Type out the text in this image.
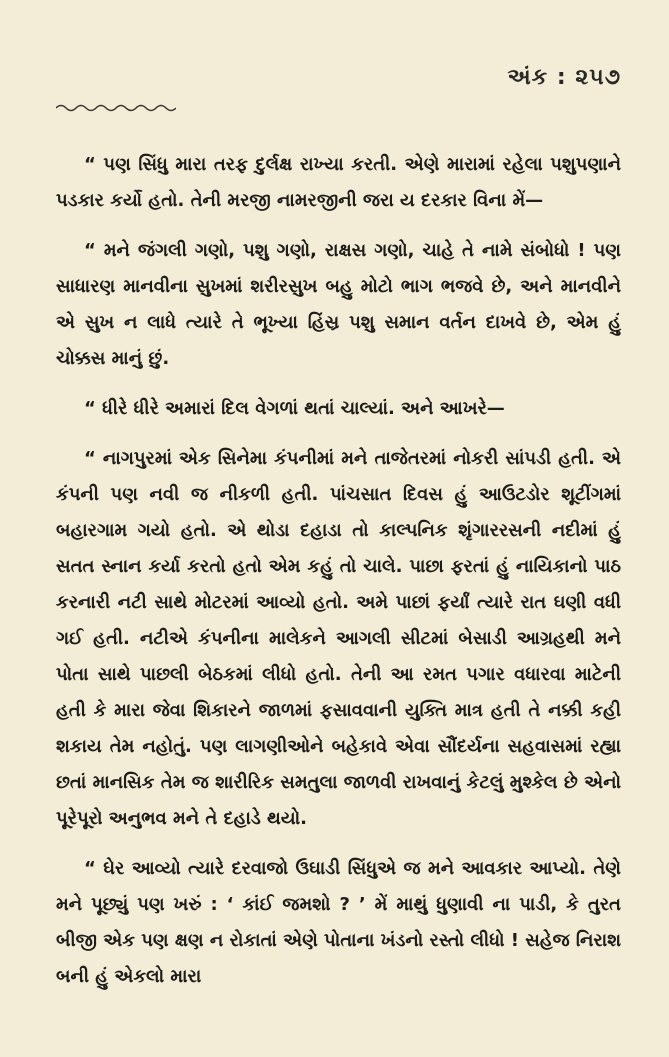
અંક : ૨૫૭

“ પણ સિંધુ મારા તરફ દુર્લક્ષ રાખ્યા કરતી. એણે મારામાં રહેલા પશુપણાને પડકાર કર્યો હતો. તેની મરજી નામરજીની જરા ય દરકાર વિના મેં—

“ મને જંગલી ગણો, પશુ ગણો, રાક્ષસ ગણો, ચાહે તે નામે સંબોધો ! પણ સાધારણ માનવીના સુખમાં શરીરસુખ બહુ મોટો ભાગ ભજવે છે, અને માનવીને એ સુખ ન લાધે ત્યારે તે ભૂખ્યા હિંસ્ર પશુ સમાન વર્તન દાખવે છે, એમ હું ચોક્કસ માનું છું.

“ ધીરે ધીરે અમારાં દિલ વેગળાં થતાં ચાલ્યાં. અને આખરે—

“ નાગપુરમાં એક સિનેમા કંપનીમાં મને તાજેતરમાં નોકરી સાંપડી હતી. એ કંપની પણ નવી જ નીકળી હતી. પાંચસાત દિવસ હું આઉટડોર શૂટીંગમાં બહારગામ ગયો હતો. એ થોડા દહાડા તો કાલ્પનિક શૃંગારરસની નદીમાં હું સતત સ્નાન કર્યા કરતો હતો એમ કહું તો ચાલે. પાછા ફરતાં હું નાયિકાનો પાઠ કરનારી નટી સાથે મોટરમાં આવ્યો હતો. અમે પાછાં ફર્યાં ત્યારે રાત ઘણી વધી ગઈ હતી. નટીએ કંપનીના માલેકને આગલી સીટમાં બેસાડી આગ્રહથી મને પોતા સાથે પાછલી બેઠકમાં લીધો હતો. તેની આ રમત પગાર વધારવા માટેની હતી કે મારા જેવા શિકારને જાળમાં ફસાવવાની યુક્તિ માત્ર હતી તે નક્કી કહી શકાય તેમ નહોતું. પણ લાગણીઓને બહેકાવે એવા સૌંદર્યના સહવાસમાં રહ્યા છતાં માનસિક તેમ જ શારીરિક સમતુલા જાળવી રાખવાનું કેટલું મુશ્કેલ છે એનો પૂરેપૂરો અનુભવ મને તે દહાડે થયો.

“ ઘેર આવ્યો ત્યારે દરવાજો ઉઘાડી સિંધુએ જ મને આવકાર આપ્યો. તેણે મને પૂછ્યું પણ ખરું : ‘ કાંઈ જમશો ? ’ મેં માથું ધુણાવી ના પાડી, કે તુરત બીજી એક પણ ક્ષણ ન રોકાતાં એણે પોતાના ખંડનો રસ્તો લીધો ! સહેજ નિરાશ બની હું એકલો મારા
